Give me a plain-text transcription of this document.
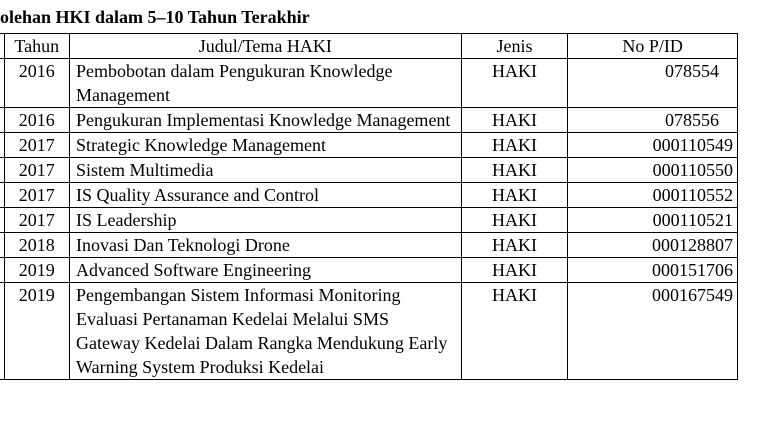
olehan HKI dalam 5–10 Tahun Terakhir
	Tahun	Judul/Tema HAKI	Jenis	No P/ID
	2016	Pembobotan dalam Pengukuran Knowledge Management	HAKI	078554
	2016	Pengukuran Implementasi Knowledge Management	HAKI	078556
	2017	Strategic Knowledge Management	HAKI	000110549
	2017	Sistem Multimedia	HAKI	000110550
	2017	IS Quality Assurance and Control	HAKI	000110552
	2017	IS Leadership	HAKI	000110521
	2018	Inovasi Dan Teknologi Drone	HAKI	000128807
	2019	Advanced Software Engineering	HAKI	000151706
	2019	Pengembangan Sistem Informasi Monitoring Evaluasi Pertanaman Kedelai Melalui SMS Gateway Kedelai Dalam Rangka Mendukung Early Warning System Produksi Kedelai	HAKI	000167549
